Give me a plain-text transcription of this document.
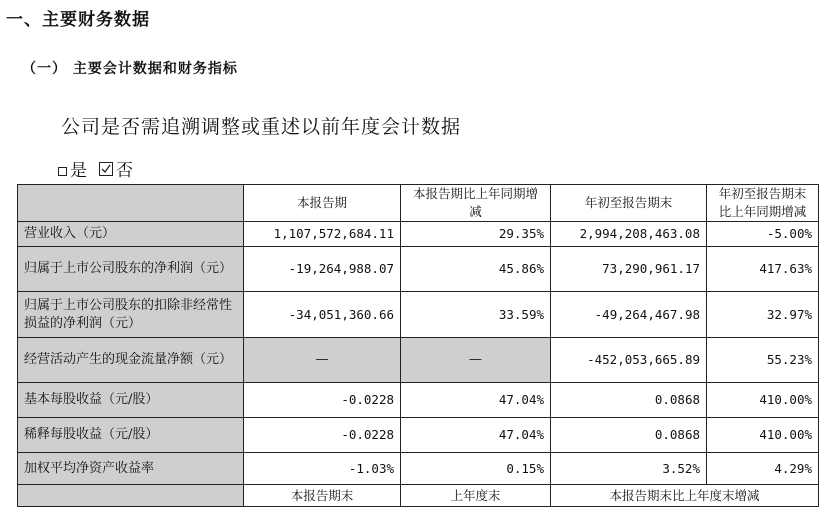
一、主要财务数据
（一） 主要会计数据和财务指标
公司是否需追溯调整或重述以前年度会计数据
是 否
	本报告期	本报告期比上年同期增减	年初至报告期末	年初至报告期末比上年同期增减
营业收入（元）	1,107,572,684.11	29.35%	2,994,208,463.08	-5.00%
归属于上市公司股东的净利润（元）	-19,264,988.07	45.86%	73,290,961.17	417.63%
归属于上市公司股东的扣除非经常性损益的净利润（元）	-34,051,360.66	33.59%	-49,264,467.98	32.97%
经营活动产生的现金流量净额（元）	—	—	-452,053,665.89	55.23%
基本每股收益（元/股）	-0.0228	47.04%	0.0868	410.00%
稀释每股收益（元/股）	-0.0228	47.04%	0.0868	410.00%
加权平均净资产收益率	-1.03%	0.15%	3.52%	4.29%
	本报告期末	上年度末	本报告期末比上年度末增减	
